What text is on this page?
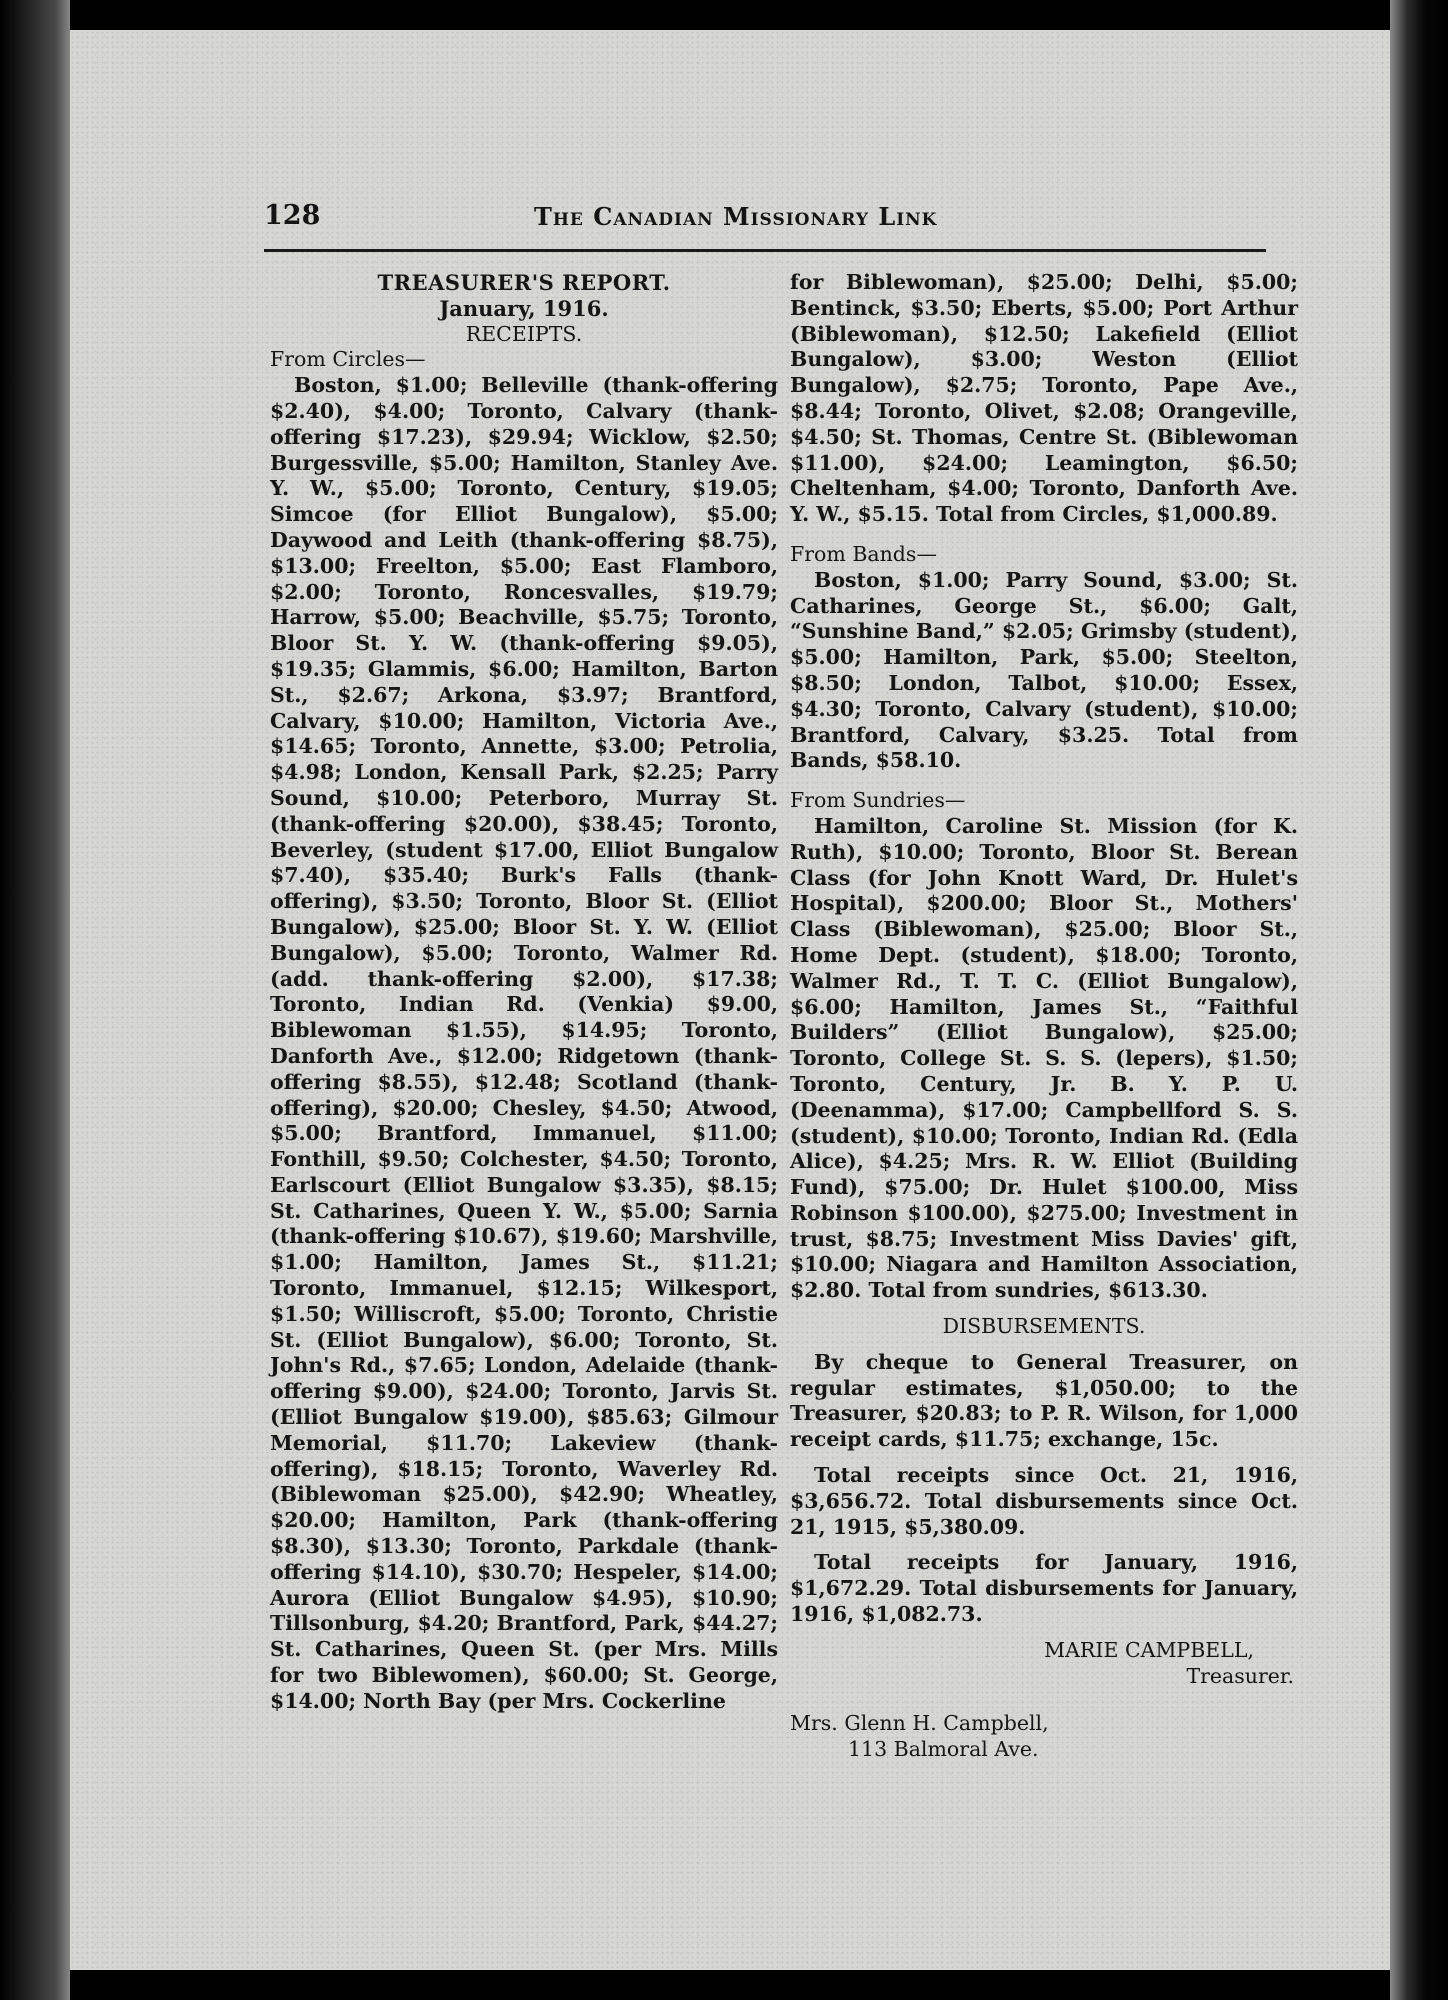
128	The Canadian Missionary Link

TREASURER'S REPORT.

January, 1916.

RECEIPTS.

From Circles—

Boston, $1.00; Belleville (thank-offering $2.40), $4.00; Toronto, Calvary (thank-offering $17.23), $29.94; Wicklow, $2.50; Burgessville, $5.00; Hamilton, Stanley Ave. Y. W., $5.00; Toronto, Century, $19.05; Simcoe (for Elliot Bungalow), $5.00; Daywood and Leith (thank-offering $8.75), $13.00; Freelton, $5.00; East Flamboro, $2.00; Toronto, Roncesvalles, $19.79; Harrow, $5.00; Beachville, $5.75; Toronto, Bloor St. Y. W. (thank-offering $9.05), $19.35; Glammis, $6.00; Hamilton, Barton St., $2.67; Arkona, $3.97; Brantford, Calvary, $10.00; Hamilton, Victoria Ave., $14.65; Toronto, Annette, $3.00; Petrolia, $4.98; London, Kensall Park, $2.25; Parry Sound, $10.00; Peterboro, Murray St. (thank-offering $20.00), $38.45; Toronto, Beverley, (student $17.00, Elliot Bungalow $7.40), $35.40; Burk's Falls (thank-offering), $3.50; Toronto, Bloor St. (Elliot Bungalow), $25.00; Bloor St. Y. W. (Elliot Bungalow), $5.00; Toronto, Walmer Rd. (add. thank-offering $2.00), $17.38; Toronto, Indian Rd. (Venkia) $9.00, Biblewoman $1.55), $14.95; Toronto, Danforth Ave., $12.00; Ridgetown (thank-offering $8.55), $12.48; Scotland (thank-offering), $20.00; Chesley, $4.50; Atwood, $5.00; Brantford, Immanuel, $11.00; Fonthill, $9.50; Colchester, $4.50; Toronto, Earlscourt (Elliot Bungalow $3.35), $8.15; St. Catharines, Queen Y. W., $5.00; Sarnia (thank-offering $10.67), $19.60; Marshville, $1.00; Hamilton, James St., $11.21; Toronto, Immanuel, $12.15; Wilkesport, $1.50; Williscroft, $5.00; Toronto, Christie St. (Elliot Bungalow), $6.00; Toronto, St. John's Rd., $7.65; London, Adelaide (thank-offering $9.00), $24.00; Toronto, Jarvis St. (Elliot Bungalow $19.00), $85.63; Gilmour Memorial, $11.70; Lakeview (thank-offering), $18.15; Toronto, Waverley Rd. (Biblewoman $25.00), $42.90; Wheatley, $20.00; Hamilton, Park (thank-offering $8.30), $13.30; Toronto, Parkdale (thank-offering $14.10), $30.70; Hespeler, $14.00; Aurora (Elliot Bungalow $4.95), $10.90; Tillsonburg, $4.20; Brantford, Park, $44.27; St. Catharines, Queen St. (per Mrs. Mills for two Biblewomen), $60.00; St. George, $14.00; North Bay (per Mrs. Cockerline

for Biblewoman), $25.00; Delhi, $5.00; Bentinck, $3.50; Eberts, $5.00; Port Arthur (Biblewoman), $12.50; Lakefield (Elliot Bungalow), $3.00; Weston (Elliot Bungalow), $2.75; Toronto, Pape Ave., $8.44; Toronto, Olivet, $2.08; Orangeville, $4.50; St. Thomas, Centre St. (Biblewoman $11.00), $24.00; Leamington, $6.50; Cheltenham, $4.00; Toronto, Danforth Ave. Y. W., $5.15. Total from Circles, $1,000.89.

From Bands—

Boston, $1.00; Parry Sound, $3.00; St. Catharines, George St., $6.00; Galt, “Sunshine Band,” $2.05; Grimsby (student), $5.00; Hamilton, Park, $5.00; Steelton, $8.50; London, Talbot, $10.00; Essex, $4.30; Toronto, Calvary (student), $10.00; Brantford, Calvary, $3.25. Total from Bands, $58.10.

From Sundries—

Hamilton, Caroline St. Mission (for K. Ruth), $10.00; Toronto, Bloor St. Berean Class (for John Knott Ward, Dr. Hulet's Hospital), $200.00; Bloor St., Mothers' Class (Biblewoman), $25.00; Bloor St., Home Dept. (student), $18.00; Toronto, Walmer Rd., T. T. C. (Elliot Bungalow), $6.00; Hamilton, James St., “Faithful Builders” (Elliot Bungalow), $25.00; Toronto, College St. S. S. (lepers), $1.50; Toronto, Century, Jr. B. Y. P. U. (Deenamma), $17.00; Campbellford S. S. (student), $10.00; Toronto, Indian Rd. (Edla Alice), $4.25; Mrs. R. W. Elliot (Building Fund), $75.00; Dr. Hulet $100.00, Miss Robinson $100.00), $275.00; Investment in trust, $8.75; Investment Miss Davies' gift, $10.00; Niagara and Hamilton Association, $2.80. Total from sundries, $613.30.

DISBURSEMENTS.

By cheque to General Treasurer, on regular estimates, $1,050.00; to the Treasurer, $20.83; to P. R. Wilson, for 1,000 receipt cards, $11.75; exchange, 15c.

Total receipts since Oct. 21, 1916, $3,656.72. Total disbursements since Oct. 21, 1915, $5,380.09.

Total receipts for January, 1916, $1,672.29. Total disbursements for January, 1916, $1,082.73.

MARIE CAMPBELL,

Treasurer.

Mrs. Glenn H. Campbell,

113 Balmoral Ave.
